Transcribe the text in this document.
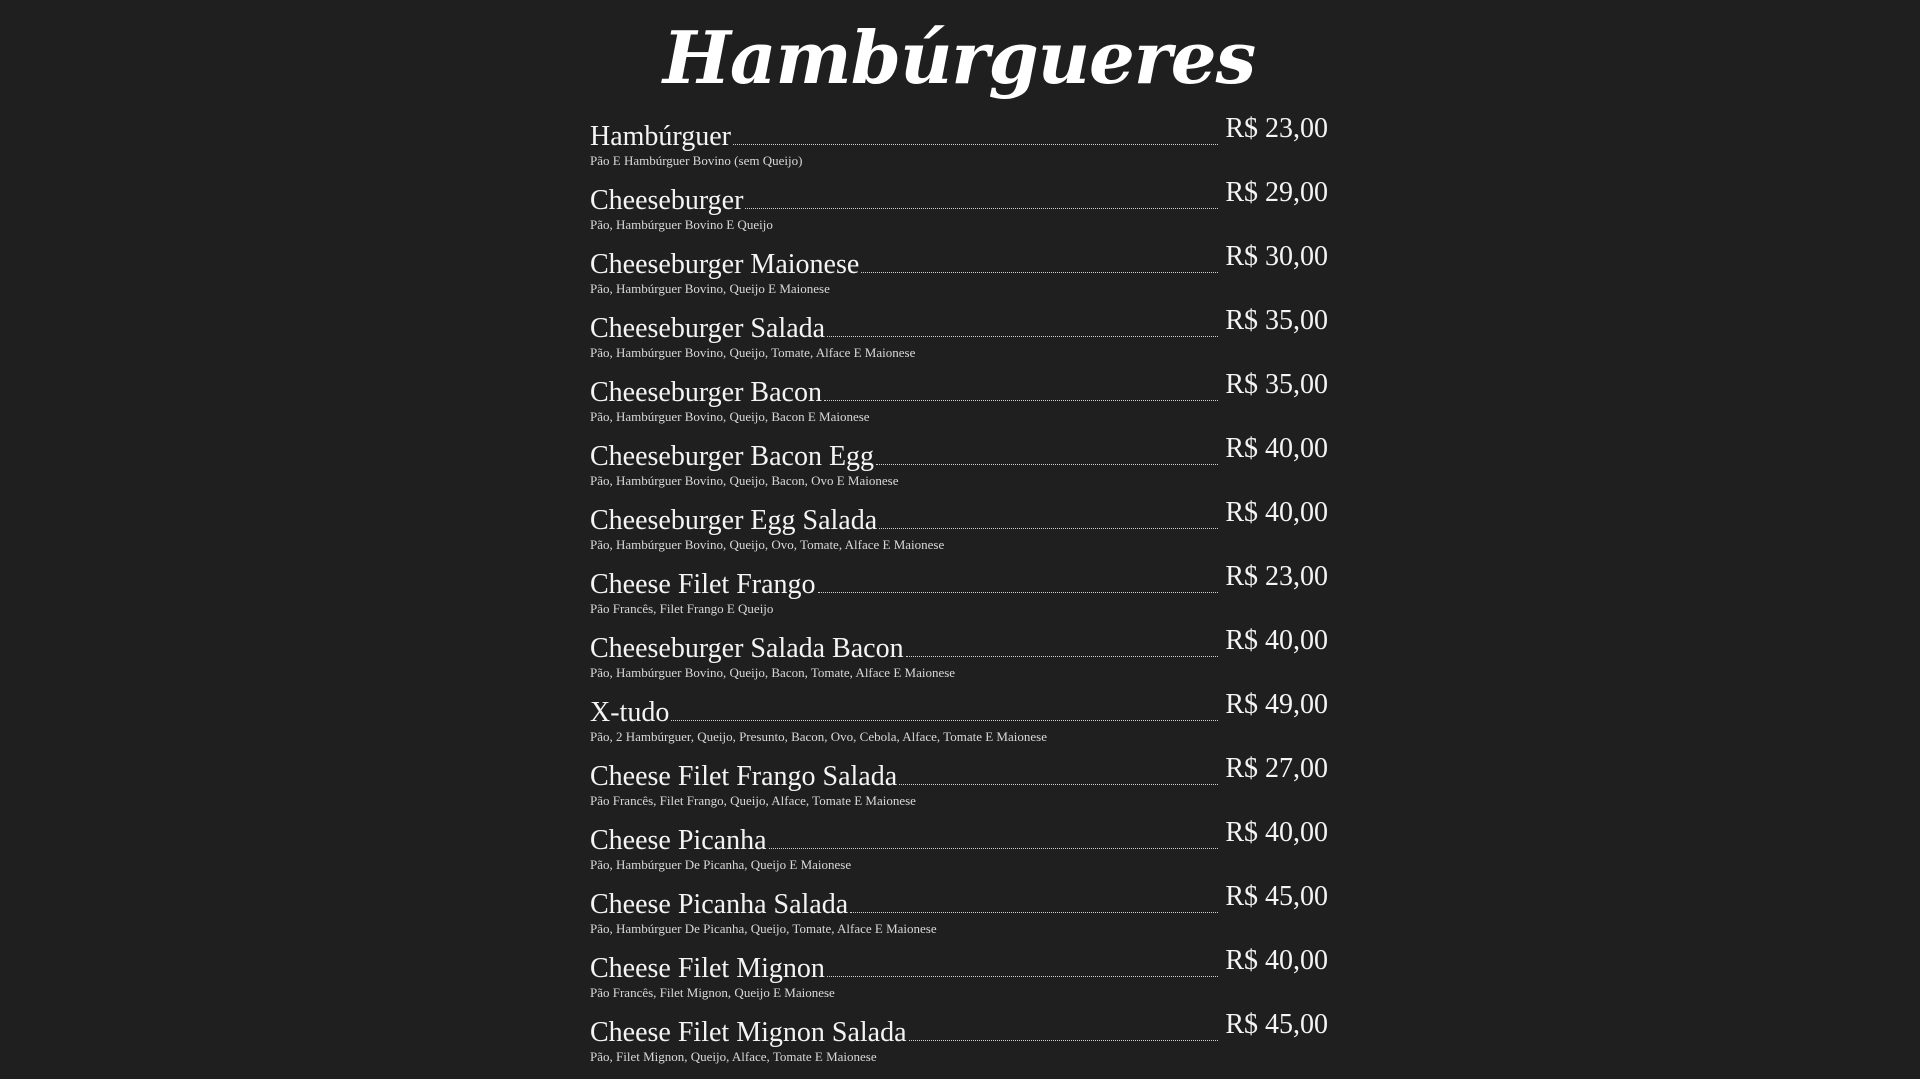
Hambúrgueres
Hambúrguer	R$ 23,00
Pão E Hambúrguer Bovino (sem Queijo)
Cheeseburger	R$ 29,00
Pão, Hambúrguer Bovino E Queijo
Cheeseburger Maionese	R$ 30,00
Pão, Hambúrguer Bovino, Queijo E Maionese
Cheeseburger Salada	R$ 35,00
Pão, Hambúrguer Bovino, Queijo, Tomate, Alface E Maionese
Cheeseburger Bacon	R$ 35,00
Pão, Hambúrguer Bovino, Queijo, Bacon E Maionese
Cheeseburger Bacon Egg	R$ 40,00
Pão, Hambúrguer Bovino, Queijo, Bacon, Ovo E Maionese
Cheeseburger Egg Salada	R$ 40,00
Pão, Hambúrguer Bovino, Queijo, Ovo, Tomate, Alface E Maionese
Cheese Filet Frango	R$ 23,00
Pão Francês, Filet Frango E Queijo
Cheeseburger Salada Bacon	R$ 40,00
Pão, Hambúrguer Bovino, Queijo, Bacon, Tomate, Alface E Maionese
X-tudo	R$ 49,00
Pão, 2 Hambúrguer, Queijo, Presunto, Bacon, Ovo, Cebola, Alface, Tomate E Maionese
Cheese Filet Frango Salada	R$ 27,00
Pão Francês, Filet Frango, Queijo, Alface, Tomate E Maionese
Cheese Picanha	R$ 40,00
Pão, Hambúrguer De Picanha, Queijo E Maionese
Cheese Picanha Salada	R$ 45,00
Pão, Hambúrguer De Picanha, Queijo, Tomate, Alface E Maionese
Cheese Filet Mignon	R$ 40,00
Pão Francês, Filet Mignon, Queijo E Maionese
Cheese Filet Mignon Salada	R$ 45,00
Pão, Filet Mignon, Queijo, Alface, Tomate E Maionese
